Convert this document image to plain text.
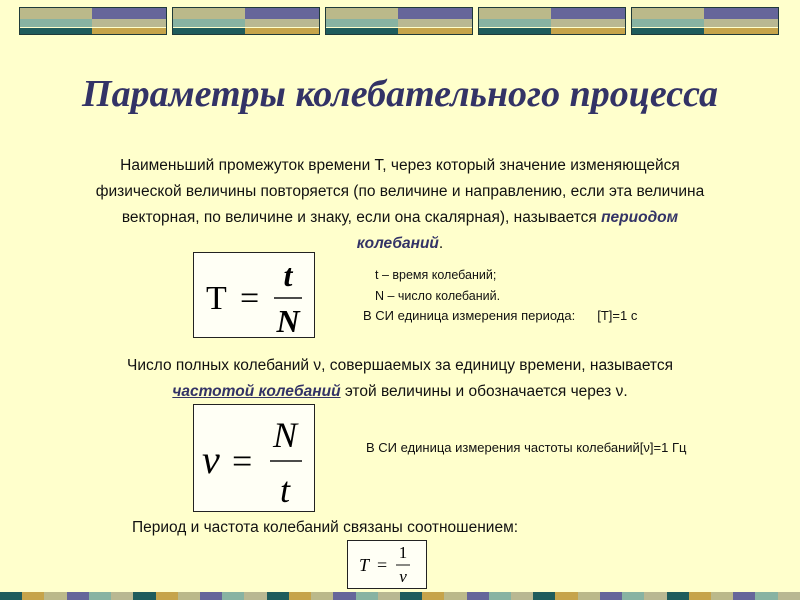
Параметры колебательного процесса
Наименьший промежуток времени T, через который значение изменяющейся
физической величины повторяется (по величине и направлению, если эта величина
векторная, по величине и знаку, если она скалярная), называется периодом
колебаний.
T =
t
N
t – время колебаний;
N – число колебаний.
В СИ единица измерения периода: [T]=1 с
Число полных колебаний ν, совершаемых за единицу времени, называется
частотой колебаний этой величины и обозначается через ν.
ν =
N
t
В СИ единица измерения частоты колебаний[ν]=1 Гц
Период и частота колебаний связаны соотношением:
T =
1
ν
